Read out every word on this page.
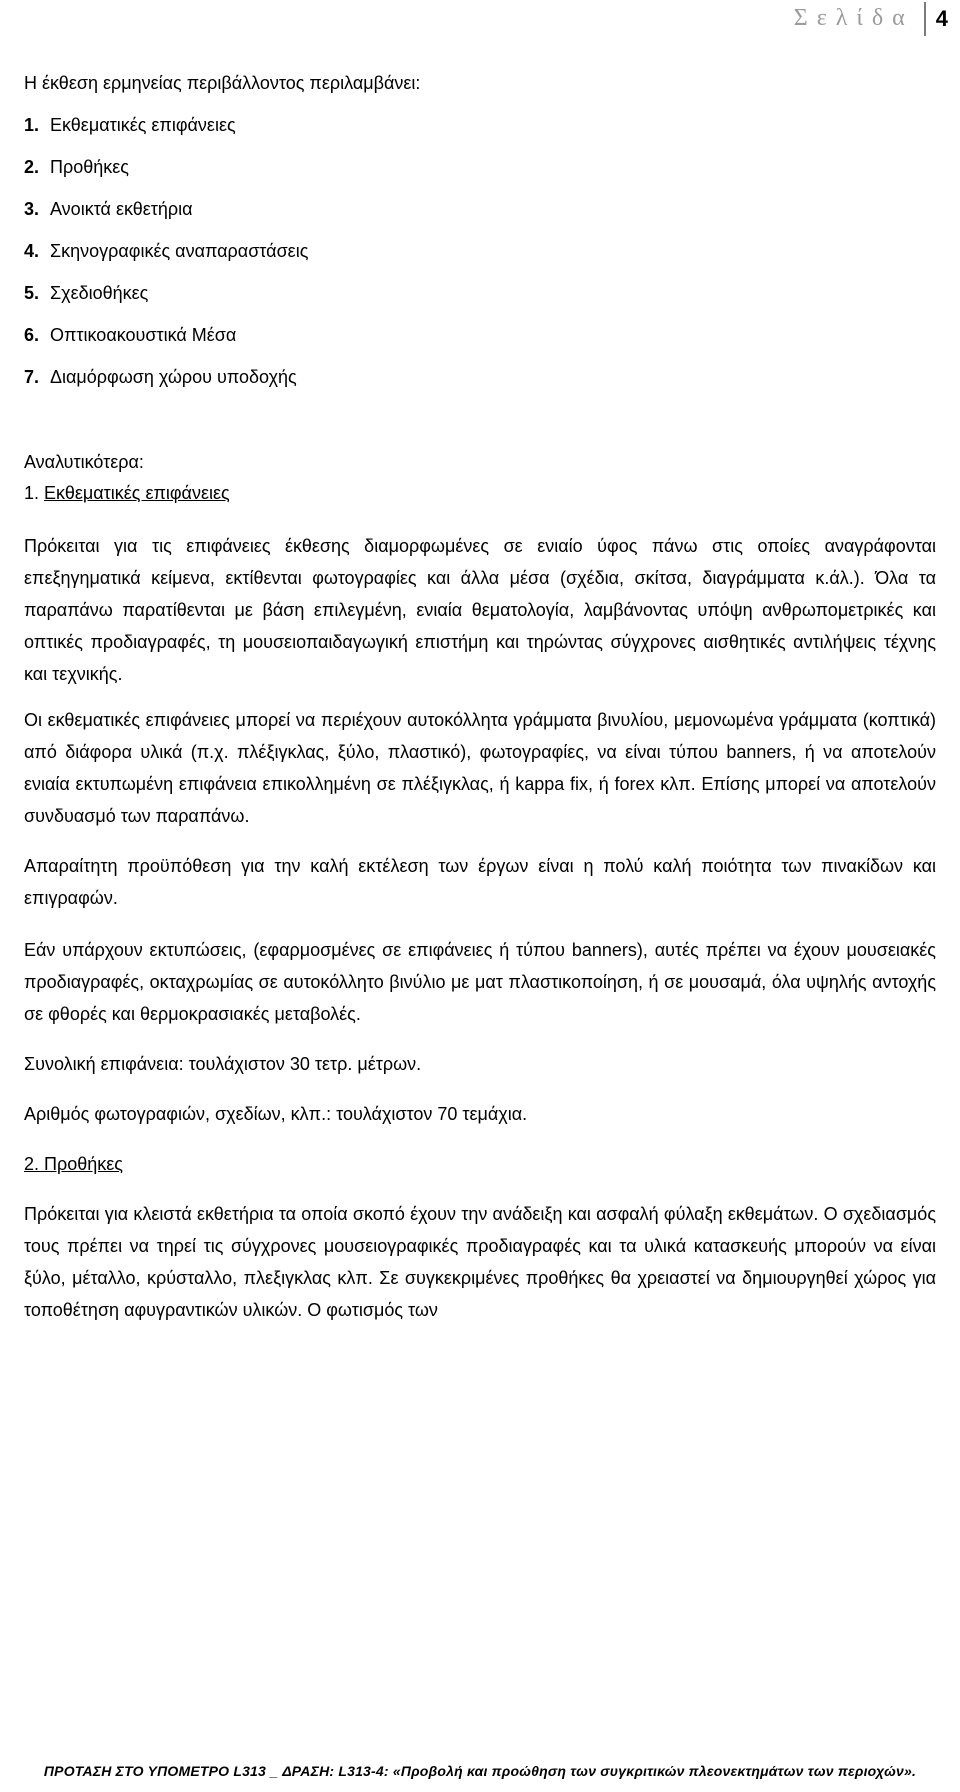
Σελίδα 4

Η έκθεση ερμηνείας περιβάλλοντος περιλαμβάνει:

1. Εκθεματικές επιφάνειες
2. Προθήκες
3. Ανοικτά εκθετήρια
4. Σκηνογραφικές αναπαραστάσεις
5. Σχεδιοθήκες
6. Οπτικοακουστικά Μέσα
7. Διαμόρφωση χώρου υποδοχής

Αναλυτικότερα:

1. Εκθεματικές επιφάνειες

Πρόκειται για τις επιφάνειες έκθεσης διαμορφωμένες σε ενιαίο ύφος πάνω στις οποίες αναγράφονται επεξηγηματικά κείμενα, εκτίθενται φωτογραφίες και άλλα μέσα (σχέδια, σκίτσα, διαγράμματα κ.άλ.). Όλα τα παραπάνω παρατίθενται με βάση επιλεγμένη, ενιαία θεματολογία, λαμβάνοντας υπόψη ανθρωπομετρικές και οπτικές προδιαγραφές, τη μουσειοπαιδαγωγική επιστήμη και τηρώντας σύγχρονες αισθητικές αντιλήψεις τέχνης και τεχνικής.

Οι εκθεματικές επιφάνειες μπορεί να περιέχουν αυτοκόλλητα γράμματα βινυλίου, μεμονωμένα γράμματα (κοπτικά) από διάφορα υλικά (π.χ. πλέξιγκλας, ξύλο, πλαστικό), φωτογραφίες, να είναι τύπου banners, ή να αποτελούν ενιαία εκτυπωμένη επιφάνεια επικολλημένη σε πλέξιγκλας, ή kappa fix, ή forex κλπ. Επίσης μπορεί να αποτελούν συνδυασμό των παραπάνω.

Απαραίτητη προϋπόθεση για την καλή εκτέλεση των έργων είναι η πολύ καλή ποιότητα των πινακίδων και επιγραφών.

Εάν υπάρχουν εκτυπώσεις, (εφαρμοσμένες σε επιφάνειες ή τύπου banners), αυτές πρέπει να έχουν μουσειακές προδιαγραφές, οκταχρωμίας σε αυτοκόλλητο βινύλιο με ματ πλαστικοποίηση, ή σε μουσαμά, όλα υψηλής αντοχής σε φθορές και θερμοκρασιακές μεταβολές.

Συνολική επιφάνεια: τουλάχιστον 30 τετρ. μέτρων.

Αριθμός φωτογραφιών, σχεδίων, κλπ.: τουλάχιστον 70 τεμάχια.

2. Προθήκες

Πρόκειται για κλειστά εκθετήρια τα οποία σκοπό έχουν την ανάδειξη και ασφαλή φύλαξη εκθεμάτων. Ο σχεδιασμός τους πρέπει να τηρεί τις σύγχρονες μουσειογραφικές προδιαγραφές και τα υλικά κατασκευής μπορούν να είναι ξύλο, μέταλλο, κρύσταλλο, πλεξιγκλας κλπ. Σε συγκεκριμένες προθήκες θα χρειαστεί να δημιουργηθεί χώρος για τοποθέτηση αφυγραντικών υλικών. Ο φωτισμός των

ΠΡΟΤΑΣΗ ΣΤΟ ΥΠΟΜΕΤΡΟ L313 _ ΔΡΑΣΗ: L313-4: «Προβολή και προώθηση των συγκριτικών πλεονεκτημάτων των περιοχών».
